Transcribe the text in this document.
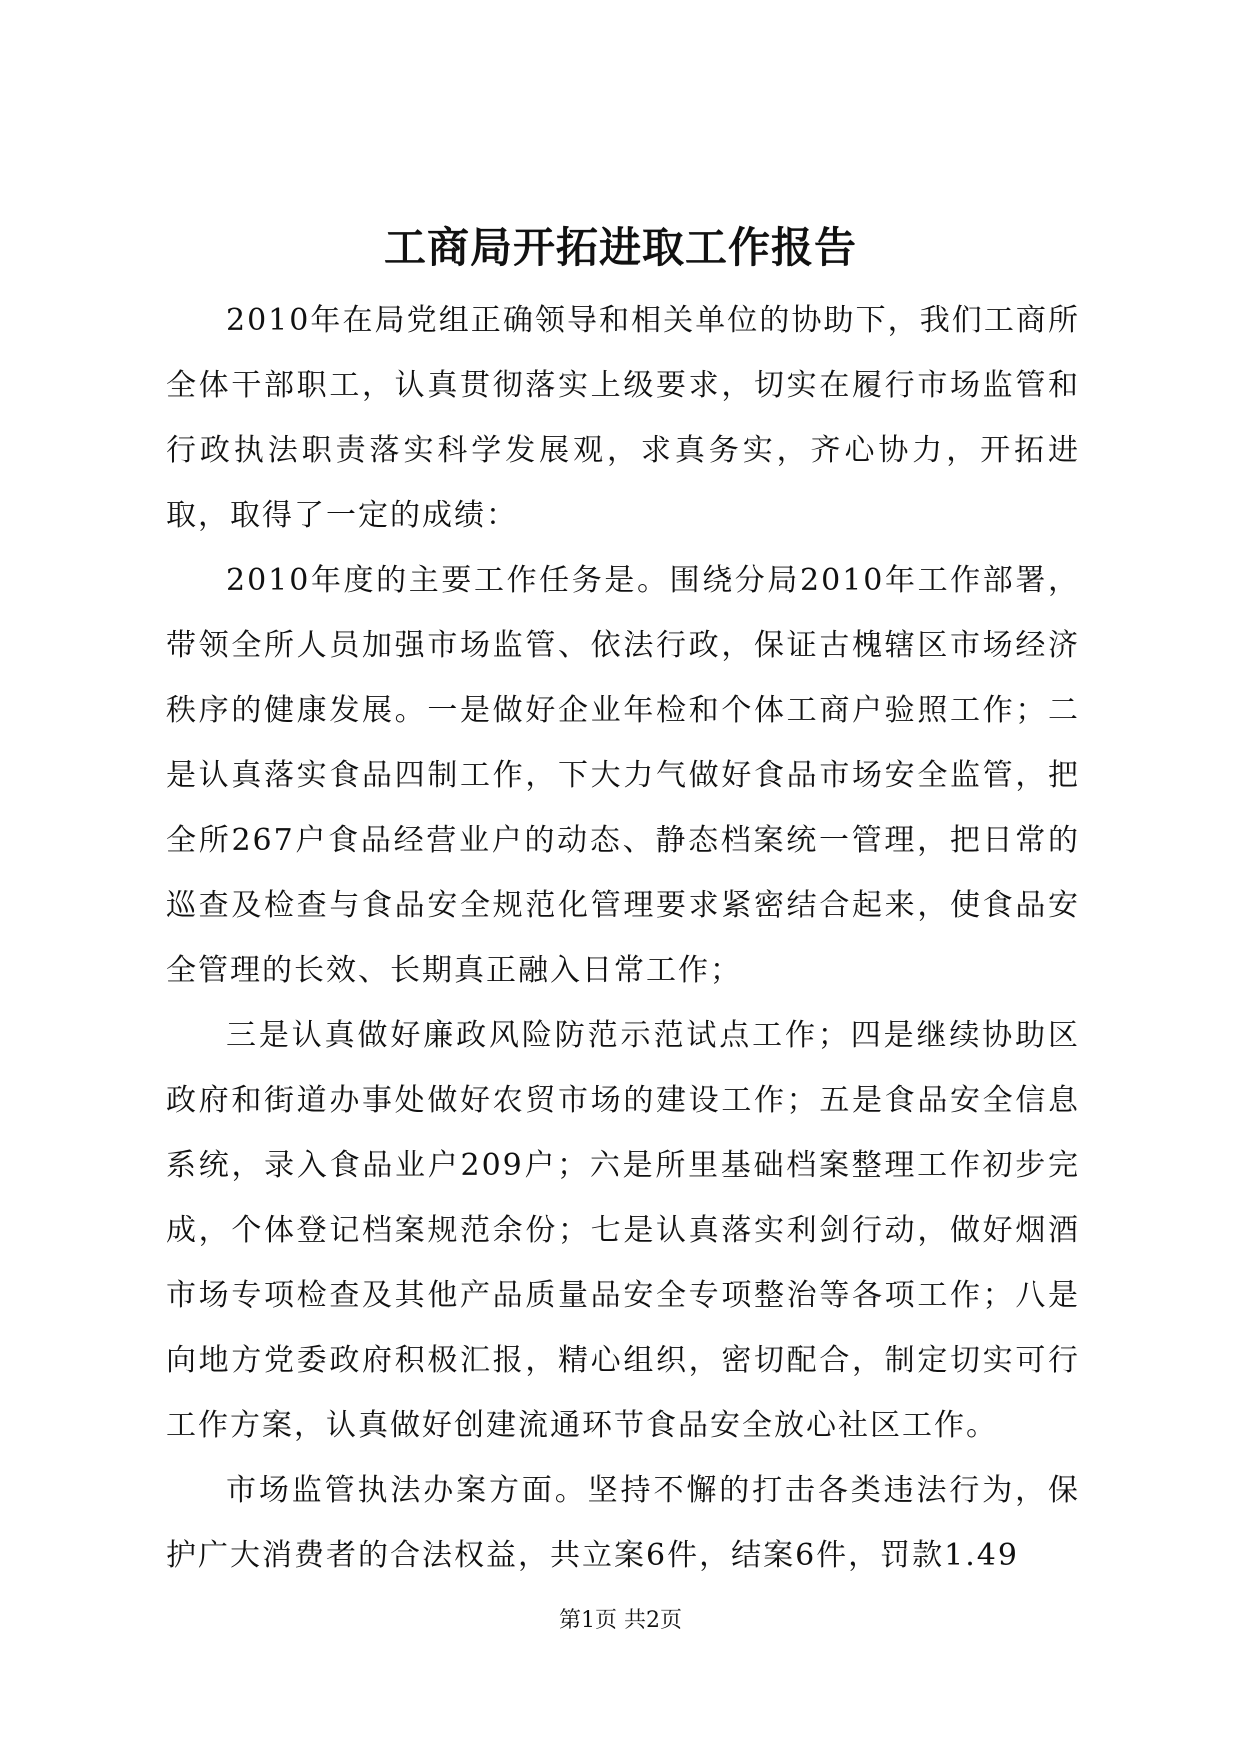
工商局开拓进取工作报告

2010年在局党组正确领导和相关单位的协助下，我们工商所全体干部职工，认真贯彻落实上级要求，切实在履行市场监管和行政执法职责落实科学发展观，求真务实，齐心协力，开拓进取，取得了一定的成绩：

2010年度的主要工作任务是。围绕分局2010年工作部署，带领全所人员加强市场监管、依法行政，保证古槐辖区市场经济秩序的健康发展。一是做好企业年检和个体工商户验照工作；二是认真落实食品四制工作，下大力气做好食品市场安全监管，把全所267户食品经营业户的动态、静态档案统一管理，把日常的巡查及检查与食品安全规范化管理要求紧密结合起来，使食品安全管理的长效、长期真正融入日常工作；

三是认真做好廉政风险防范示范试点工作；四是继续协助区政府和街道办事处做好农贸市场的建设工作；五是食品安全信息系统，录入食品业户209户；六是所里基础档案整理工作初步完成，个体登记档案规范余份；七是认真落实利剑行动，做好烟酒市场专项检查及其他产品质量品安全专项整治等各项工作；八是向地方党委政府积极汇报，精心组织，密切配合，制定切实可行工作方案，认真做好创建流通环节食品安全放心社区工作。

市场监管执法办案方面。坚持不懈的打击各类违法行为，保护广大消费者的合法权益，共立案6件，结案6件，罚款1.49

第1页 共2页
